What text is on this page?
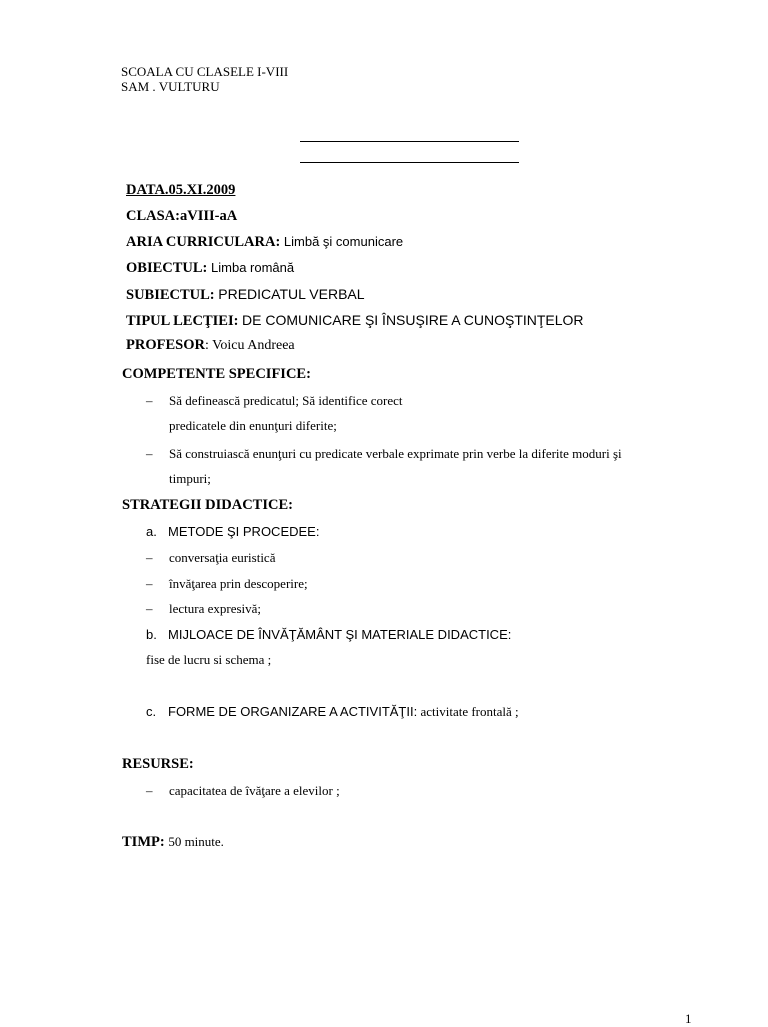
SCOALA CU CLASELE I-VIII
SAM . VULTURU
DATA.05.XI.2009
CLASA:aVIII-aA
ARIA CURRICULARA: Limbă şi comunicare
OBIECTUL: Limba română
SUBIECTUL: PREDICATUL VERBAL
TIPUL LECŢIEI: DE COMUNICARE ŞI ÎNSUŞIRE A CUNOŞTINŢELOR
PROFESOR: Voicu Andreea
COMPETENTE SPECIFICE:
– Să definească predicatul; Să identifice corect
predicatele din enunţuri diferite;
– Să construiască enunţuri cu predicate verbale exprimate prin verbe la diferite moduri şi
timpuri;
STRATEGII DIDACTICE:
a. METODE ŞI PROCEDEE:
– conversaţia euristică
– învăţarea prin descoperire;
– lectura expresivă;
b. MIJLOACE DE ÎNVĂŢĂMÂNT ŞI MATERIALE DIDACTICE:
fise de lucru si schema ;
c. FORME DE ORGANIZARE A ACTIVITĂŢII: activitate frontală ;
RESURSE:
– capacitatea de îvăţare a elevilor ;
TIMP: 50 minute.
1
